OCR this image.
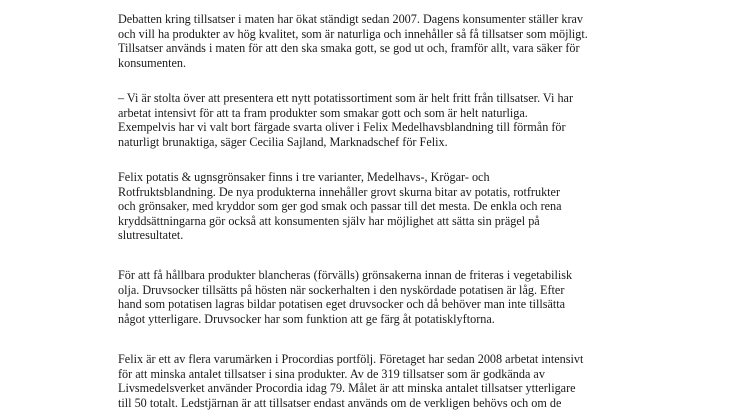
Debatten kring tillsatser i maten har ökat ständigt sedan 2007. Dagens konsumenter ställer krav
och vill ha produkter av hög kvalitet, som är naturliga och innehåller så få tillsatser som möjligt.
Tillsatser används i maten för att den ska smaka gott, se god ut och, framför allt, vara säker för
konsumenten.

– Vi är stolta över att presentera ett nytt potatissortiment som är helt fritt från tillsatser. Vi har
arbetat intensivt för att ta fram produkter som smakar gott och som är helt naturliga.
Exempelvis har vi valt bort färgade svarta oliver i Felix Medelhavsblandning till förmån för
naturligt brunaktiga, säger Cecilia Sajland, Marknadschef för Felix.

Felix potatis & ugnsgrönsaker finns i tre varianter, Medelhavs-, Krögar- och
Rotfruktsblandning. De nya produkterna innehåller grovt skurna bitar av potatis, rotfrukter
och grönsaker, med kryddor som ger god smak och passar till det mesta. De enkla och rena
kryddsättningarna gör också att konsumenten själv har möjlighet att sätta sin prägel på
slutresultatet.

För att få hållbara produkter blancheras (förvälls) grönsakerna innan de friteras i vegetabilisk
olja. Druvsocker tillsätts på hösten när sockerhalten i den nyskördade potatisen är låg. Efter
hand som potatisen lagras bildar potatisen eget druvsocker och då behöver man inte tillsätta
något ytterligare. Druvsocker har som funktion att ge färg åt potatisklyftorna.

Felix är ett av flera varumärken i Procordias portfölj. Företaget har sedan 2008 arbetat intensivt
för att minska antalet tillsatser i sina produkter. Av de 319 tillsatser som är godkända av
Livsmedelsverket använder Procordia idag 79. Målet är att minska antalet tillsatser ytterligare
till 50 totalt. Ledstjärnan är att tillsatser endast används om de verkligen behövs och om de
